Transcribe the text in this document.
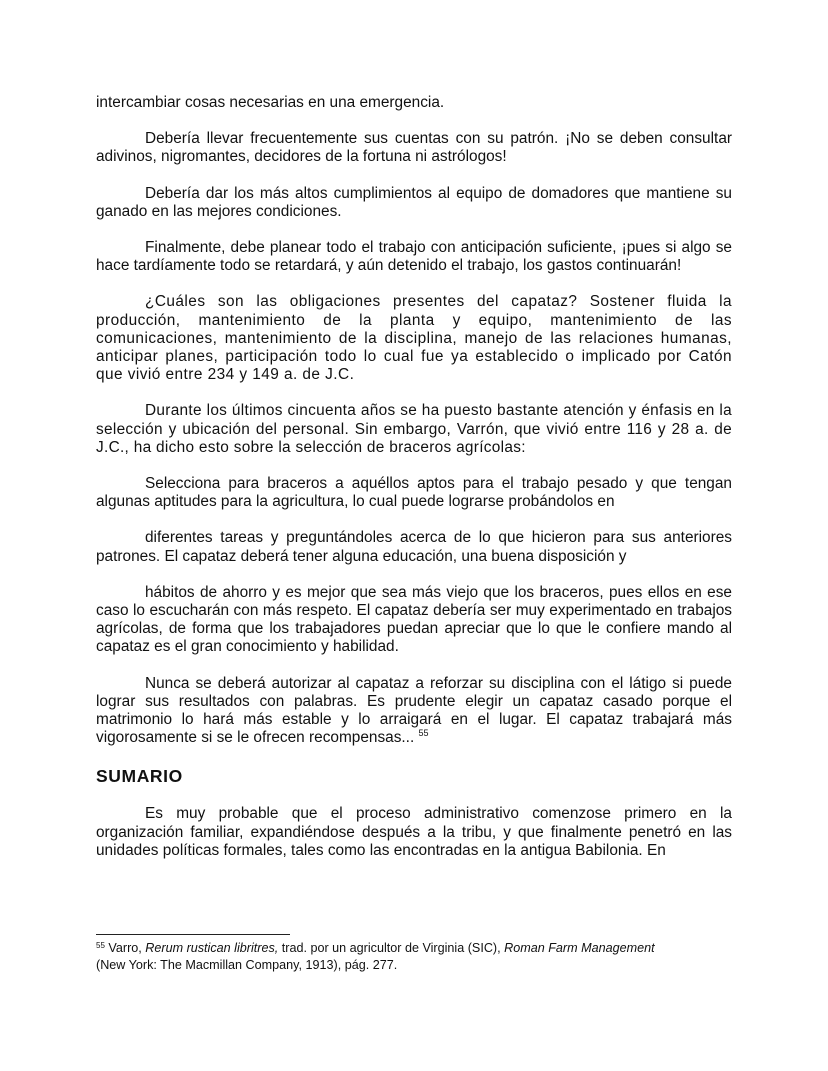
intercambiar cosas necesarias en una emergencia.

Debería llevar frecuentemente sus cuentas con su patrón. ¡No se deben consultar adivinos, nigromantes, decidores de la fortuna ni astrólogos!

Debería dar los más altos cumplimientos al equipo de domadores que mantiene su ganado en las mejores condiciones.

Finalmente, debe planear todo el trabajo con anticipación suficiente, ¡pues si algo se hace tardíamente todo se retardará, y aún detenido el trabajo, los gastos continuarán!

¿Cuáles son las obligaciones presentes del capataz? Sostener fluida la producción, mantenimiento de la planta y equipo, mantenimiento de las comunicaciones, mantenimiento de la disciplina, manejo de las relaciones humanas, anticipar planes, participación todo lo cual fue ya establecido o implicado por Catón que vivió entre 234 y 149 a. de J.C.

Durante los últimos cincuenta años se ha puesto bastante atención y énfasis en la selección y ubicación del personal. Sin embargo, Varrón, que vivió entre 116 y 28 a. de J.C., ha dicho esto sobre la selección de braceros agrícolas:

Selecciona para braceros a aquéllos aptos para el trabajo pesado y que tengan algunas aptitudes para la agricultura, lo cual puede lograrse probándolos en

diferentes tareas y preguntándoles acerca de lo que hicieron para sus anteriores patrones. El capataz deberá tener alguna educación, una buena disposición y

hábitos de ahorro y es mejor que sea más viejo que los braceros, pues ellos en ese caso lo escucharán con más respeto. El capataz debería ser muy experimentado en trabajos agrícolas, de forma que los trabajadores puedan apreciar que lo que le confiere mando al capataz es el gran conocimiento y habilidad.

Nunca se deberá autorizar al capataz a reforzar su disciplina con el látigo si puede lograr sus resultados con palabras. Es prudente elegir un capataz casado porque el matrimonio lo hará más estable y lo arraigará en el lugar. El capataz trabajará más vigorosamente si se le ofrecen recompensas... $^{55}$

SUMARIO

Es muy probable que el proceso administrativo comenzose primero en la organización familiar, expandiéndose después a la tribu, y que finalmente penetró en las unidades políticas formales, tales como las encontradas en la antigua Babilonia. En

$^{55}$ Varro, Rerum rustican libritres, trad. por un agricultor de Virginia (SIC), Roman Farm Management
(New York: The Macmillan Company, 1913), pág. 277.
